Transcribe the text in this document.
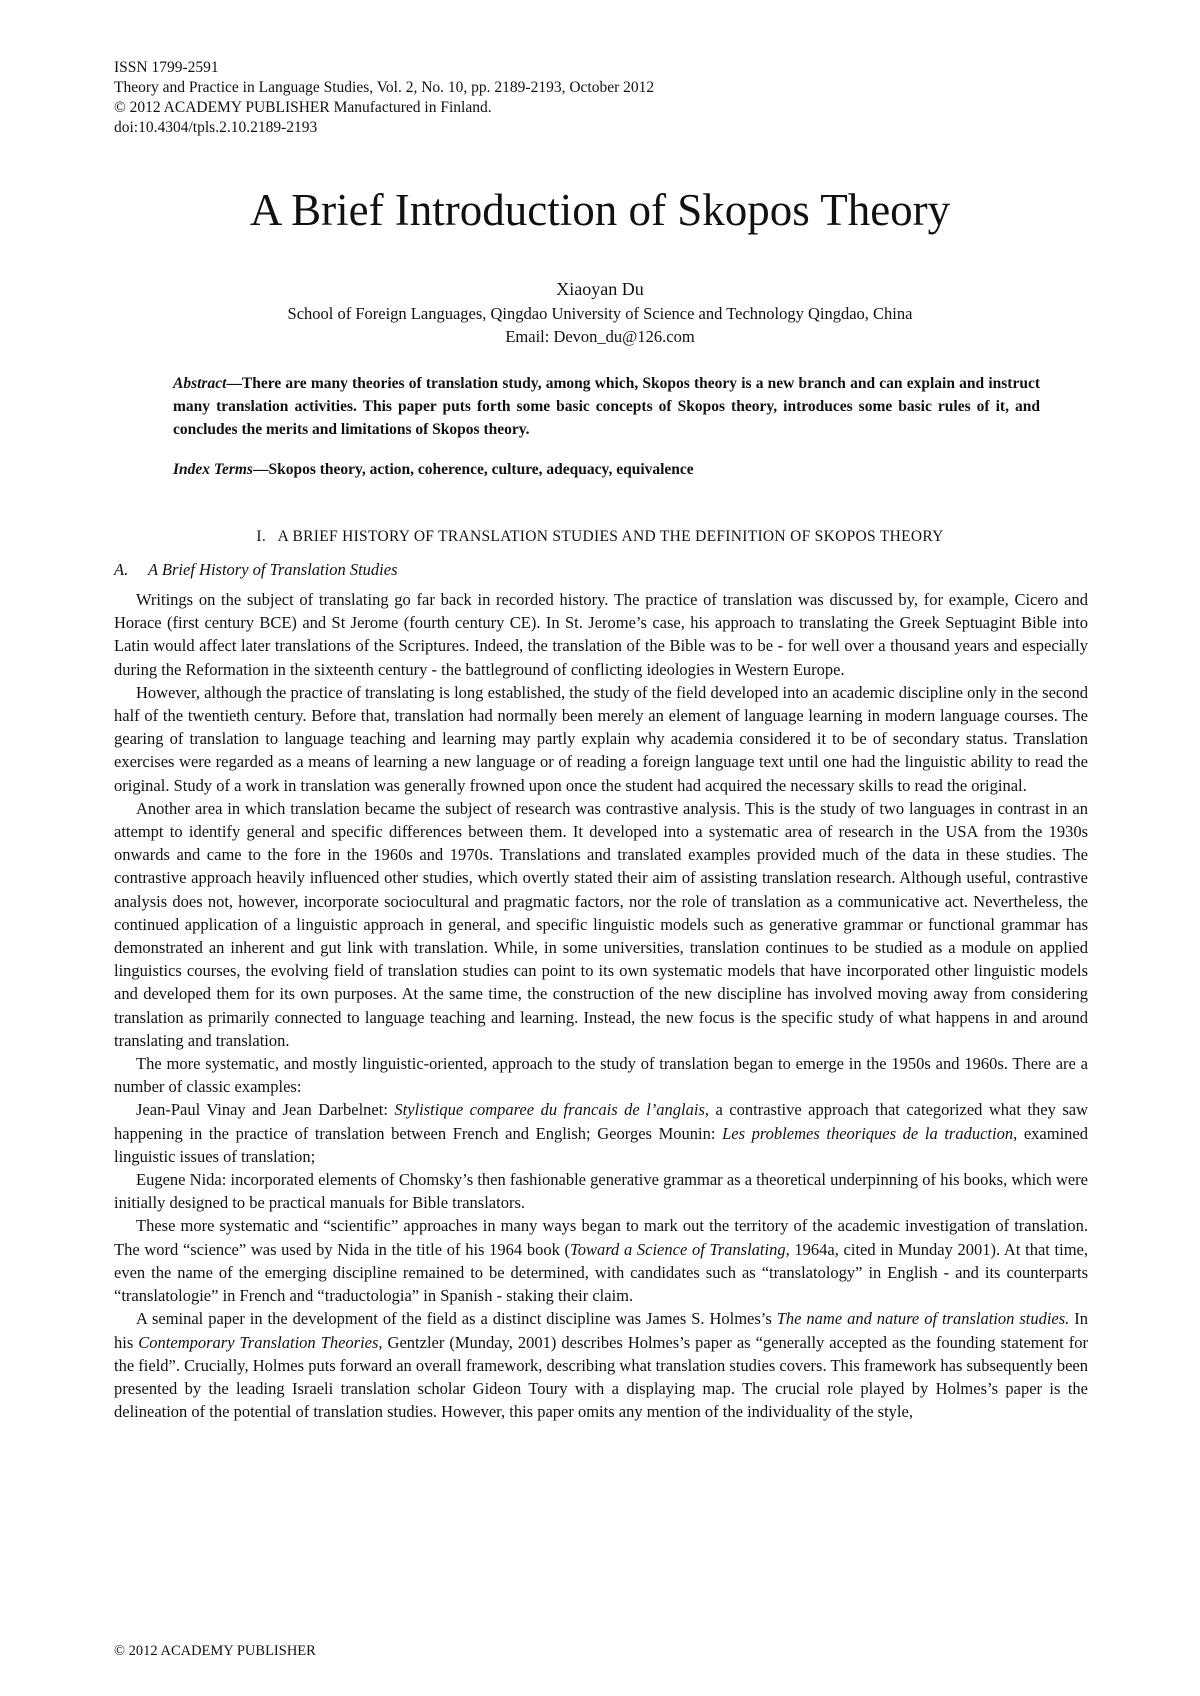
ISSN 1799-2591
Theory and Practice in Language Studies, Vol. 2, No. 10, pp. 2189-2193, October 2012
© 2012 ACADEMY PUBLISHER Manufactured in Finland.
doi:10.4304/tpls.2.10.2189-2193
A Brief Introduction of Skopos Theory
Xiaoyan Du
School of Foreign Languages, Qingdao University of Science and Technology Qingdao, China
Email: Devon_du@126.com
Abstract—There are many theories of translation study, among which, Skopos theory is a new branch and can explain and instruct many translation activities. This paper puts forth some basic concepts of Skopos theory, introduces some basic rules of it, and concludes the merits and limitations of Skopos theory.
Index Terms—Skopos theory, action, coherence, culture, adequacy, equivalence
I.   A BRIEF HISTORY OF TRANSLATION STUDIES AND THE DEFINITION OF SKOPOS THEORY
A. A Brief History of Translation Studies

Writings on the subject of translating go far back in recorded history. The practice of translation was discussed by, for example, Cicero and Horace (first century BCE) and St Jerome (fourth century CE). In St. Jerome’s case, his approach to translating the Greek Septuagint Bible into Latin would affect later translations of the Scriptures. Indeed, the translation of the Bible was to be - for well over a thousand years and especially during the Reformation in the sixteenth century - the battleground of conflicting ideologies in Western Europe.

However, although the practice of translating is long established, the study of the field developed into an academic discipline only in the second half of the twentieth century. Before that, translation had normally been merely an element of language learning in modern language courses. The gearing of translation to language teaching and learning may partly explain why academia considered it to be of secondary status. Translation exercises were regarded as a means of learning a new language or of reading a foreign language text until one had the linguistic ability to read the original. Study of a work in translation was generally frowned upon once the student had acquired the necessary skills to read the original.

Another area in which translation became the subject of research was contrastive analysis. This is the study of two languages in contrast in an attempt to identify general and specific differences between them. It developed into a systematic area of research in the USA from the 1930s onwards and came to the fore in the 1960s and 1970s. Translations and translated examples provided much of the data in these studies. The contrastive approach heavily influenced other studies, which overtly stated their aim of assisting translation research. Although useful, contrastive analysis does not, however, incorporate sociocultural and pragmatic factors, nor the role of translation as a communicative act. Nevertheless, the continued application of a linguistic approach in general, and specific linguistic models such as generative grammar or functional grammar has demonstrated an inherent and gut link with translation. While, in some universities, translation continues to be studied as a module on applied linguistics courses, the evolving field of translation studies can point to its own systematic models that have incorporated other linguistic models and developed them for its own purposes. At the same time, the construction of the new discipline has involved moving away from considering translation as primarily connected to language teaching and learning. Instead, the new focus is the specific study of what happens in and around translating and translation.

The more systematic, and mostly linguistic-oriented, approach to the study of translation began to emerge in the 1950s and 1960s. There are a number of classic examples:

Jean-Paul Vinay and Jean Darbelnet: Stylistique comparee du francais de l’anglais, a contrastive approach that categorized what they saw happening in the practice of translation between French and English; Georges Mounin: Les problemes theoriques de la traduction, examined linguistic issues of translation;

Eugene Nida: incorporated elements of Chomsky’s then fashionable generative grammar as a theoretical underpinning of his books, which were initially designed to be practical manuals for Bible translators.

These more systematic and “scientific” approaches in many ways began to mark out the territory of the academic investigation of translation. The word “science” was used by Nida in the title of his 1964 book (Toward a Science of Translating, 1964a, cited in Munday 2001). At that time, even the name of the emerging discipline remained to be determined, with candidates such as “translatology” in English - and its counterparts “translatologie” in French and “traductologia” in Spanish - staking their claim.

A seminal paper in the development of the field as a distinct discipline was James S. Holmes’s The name and nature of translation studies. In his Contemporary Translation Theories, Gentzler (Munday, 2001) describes Holmes’s paper as “generally accepted as the founding statement for the field”. Crucially, Holmes puts forward an overall framework, describing what translation studies covers. This framework has subsequently been presented by the leading Israeli translation scholar Gideon Toury with a displaying map. The crucial role played by Holmes’s paper is the delineation of the potential of translation studies. However, this paper omits any mention of the individuality of the style,

© 2012 ACADEMY PUBLISHER
